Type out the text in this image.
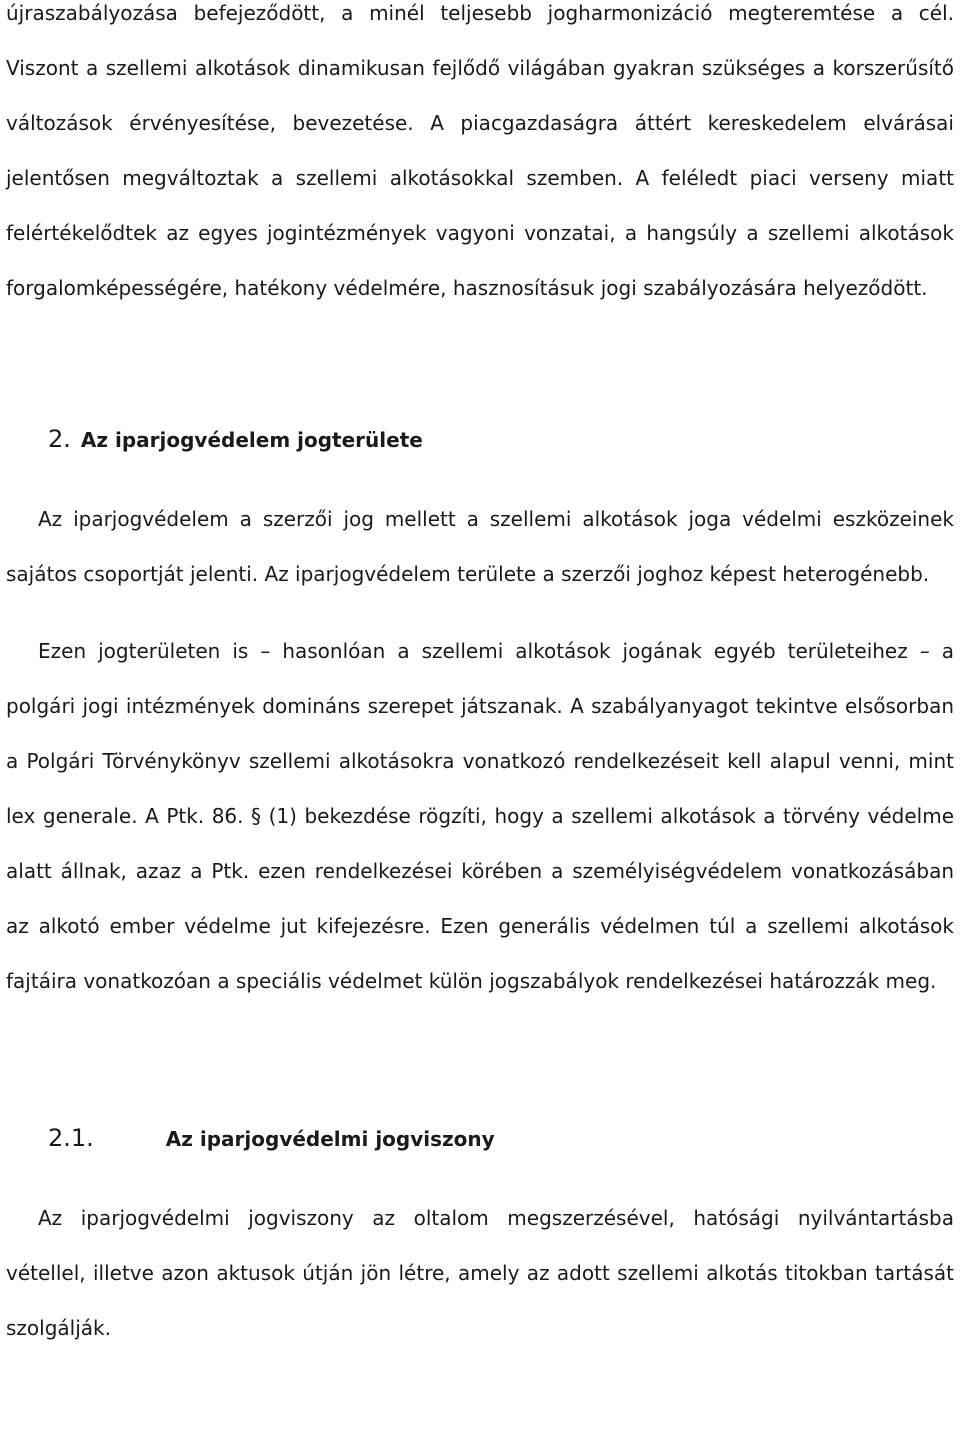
újraszabályozása befejeződött, a minél teljesebb jogharmonizáció megteremtése a cél. Viszont a szellemi alkotások dinamikusan fejlődő világában gyakran szükséges a korszerűsítő változások érvényesítése, bevezetése. A piacgazdaságra áttért kereskedelem elvárásai jelentősen megváltoztak a szellemi alkotásokkal szemben. A feléledt piaci verseny miatt felértékelődtek az egyes jogintézmények vagyoni vonzatai, a hangsúly a szellemi alkotások forgalomképességére, hatékony védelmére, hasznosításuk jogi szabályozására helyeződött.

2. Az iparjogvédelem jogterülete

Az iparjogvédelem a szerzői jog mellett a szellemi alkotások joga védelmi eszközeinek sajátos csoportját jelenti. Az iparjogvédelem területe a szerzői joghoz képest heterogénebb.

Ezen jogterületen is – hasonlóan a szellemi alkotások jogának egyéb területeihez – a polgári jogi intézmények domináns szerepet játszanak. A szabályanyagot tekintve elsősorban a Polgári Törvénykönyv szellemi alkotásokra vonatkozó rendelkezéseit kell alapul venni, mint lex generale. A Ptk. 86. § (1) bekezdése rögzíti, hogy a szellemi alkotások a törvény védelme alatt állnak, azaz a Ptk. ezen rendelkezései körében a személyiségvédelem vonatkozásában az alkotó ember védelme jut kifejezésre. Ezen generális védelmen túl a szellemi alkotások fajtáira vonatkozóan a speciális védelmet külön jogszabályok rendelkezései határozzák meg.

2.1.	Az iparjogvédelmi jogviszony

Az iparjogvédelmi jogviszony az oltalom megszerzésével, hatósági nyilvántartásba vétellel, illetve azon aktusok útján jön létre, amely az adott szellemi alkotás titokban tartását szolgálják.
